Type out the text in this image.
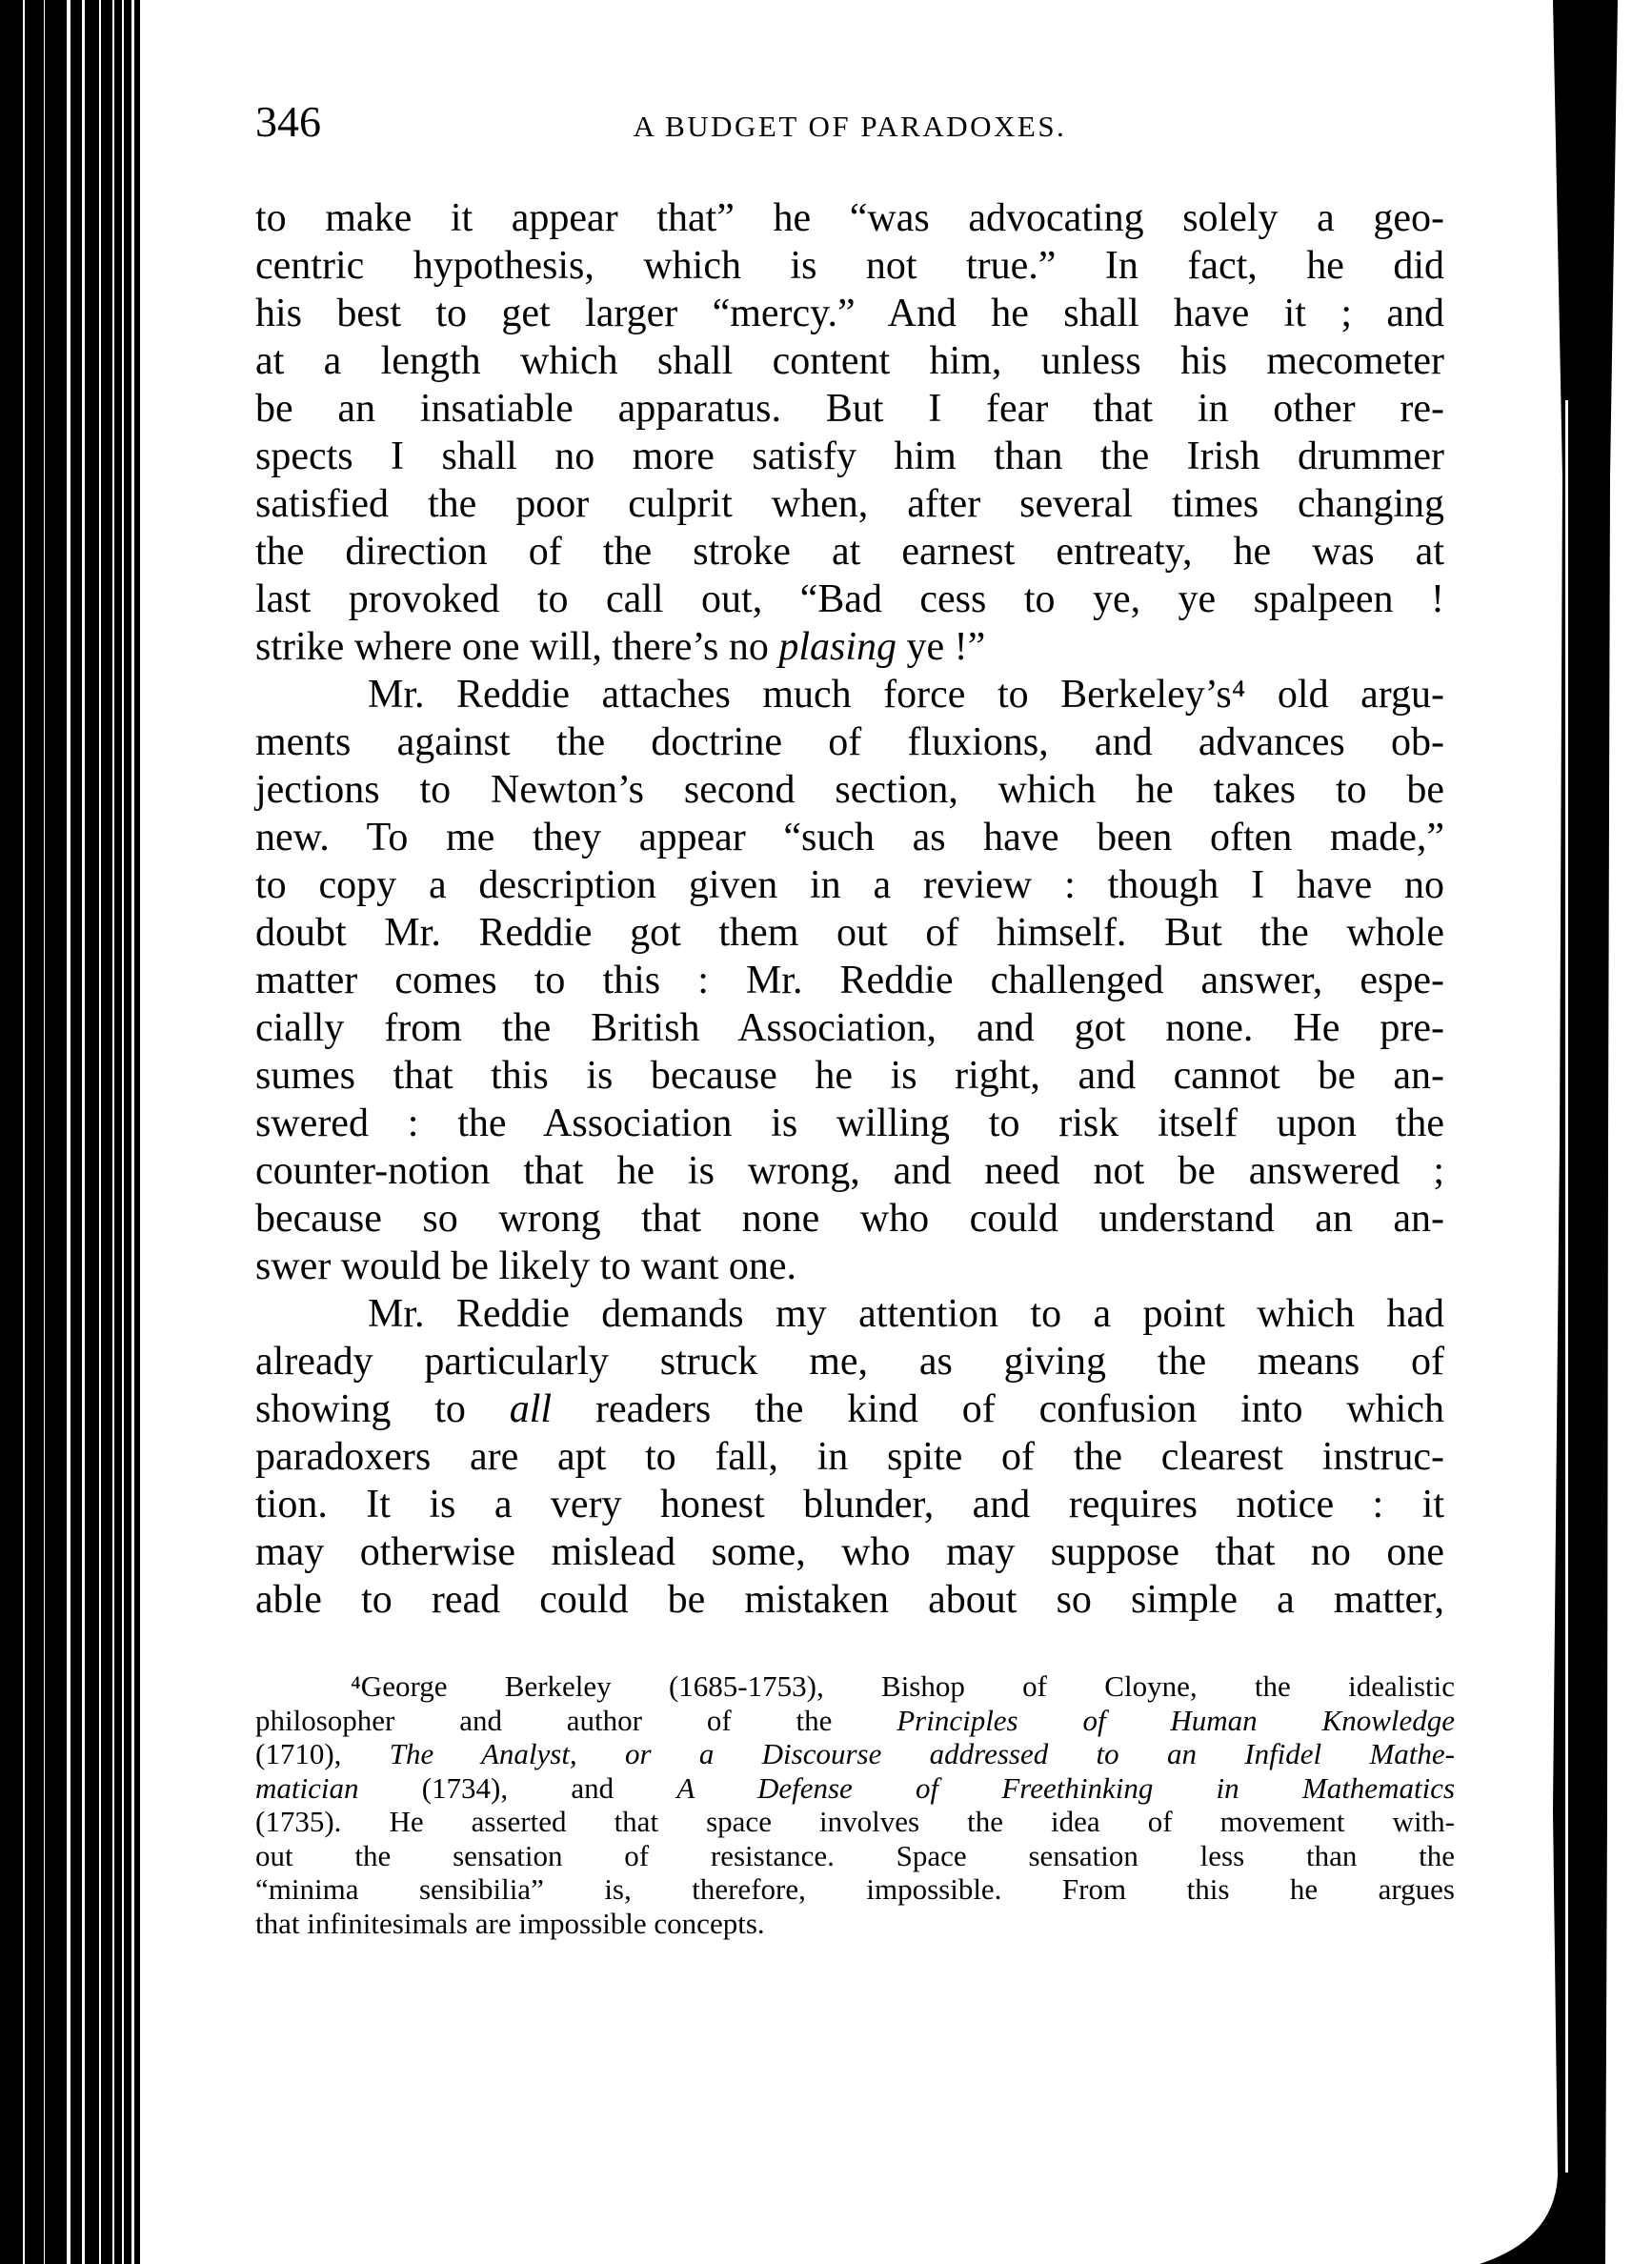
346	A BUDGET OF PARADOXES.
to make it appear that” he “was advocating solely a geo-
centric hypothesis, which is not true.” In fact, he did
his best to get larger “mercy.” And he shall have it ; and
at a length which shall content him, unless his mecometer
be an insatiable apparatus. But I fear that in other re-
spects I shall no more satisfy him than the Irish drummer
satisfied the poor culprit when, after several times changing
the direction of the stroke at earnest entreaty, he was at
last provoked to call out, “Bad cess to ye, ye spalpeen !
strike where one will, there’s no plasing ye !”
Mr. Reddie attaches much force to Berkeley’s⁴ old argu-
ments against the doctrine of fluxions, and advances ob-
jections to Newton’s second section, which he takes to be
new. To me they appear “such as have been often made,”
to copy a description given in a review : though I have no
doubt Mr. Reddie got them out of himself. But the whole
matter comes to this : Mr. Reddie challenged answer, espe-
cially from the British Association, and got none. He pre-
sumes that this is because he is right, and cannot be an-
swered : the Association is willing to risk itself upon the
counter-notion that he is wrong, and need not be answered ;
because so wrong that none who could understand an an-
swer would be likely to want one.
Mr. Reddie demands my attention to a point which had
already particularly struck me, as giving the means of
showing to all readers the kind of confusion into which
paradoxers are apt to fall, in spite of the clearest instruc-
tion. It is a very honest blunder, and requires notice : it
may otherwise mislead some, who may suppose that no one
able to read could be mistaken about so simple a matter,
⁴George Berkeley (1685-1753), Bishop of Cloyne, the idealistic
philosopher and author of the Principles of Human Knowledge
(1710), The Analyst, or a Discourse addressed to an Infidel Mathe-
matician (1734), and A Defense of Freethinking in Mathematics
(1735). He asserted that space involves the idea of movement with-
out the sensation of resistance. Space sensation less than the
“minima sensibilia” is, therefore, impossible. From this he argues
that infinitesimals are impossible concepts.
